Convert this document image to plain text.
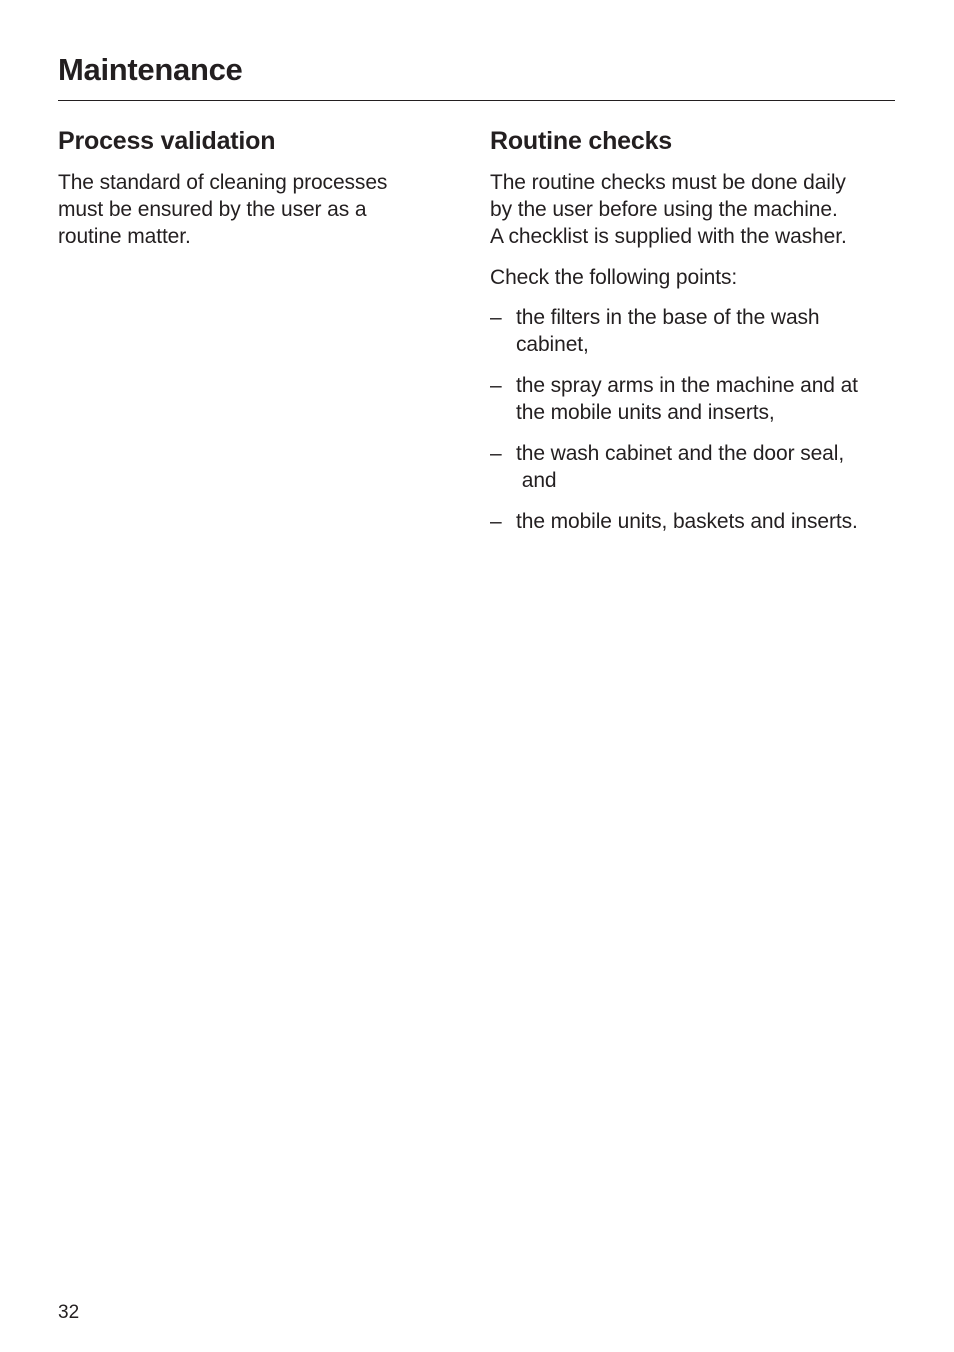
Maintenance
Process validation

The standard of cleaning processes
must be ensured by the user as a
routine matter.

Routine checks

The routine checks must be done daily
by the user before using the machine.
A checklist is supplied with the washer.

Check the following points:

– the filters in the base of the wash
cabinet,
– the spray arms in the machine and at
the mobile units and inserts,
– the wash cabinet and the door seal,
and
– the mobile units, baskets and inserts.
32
